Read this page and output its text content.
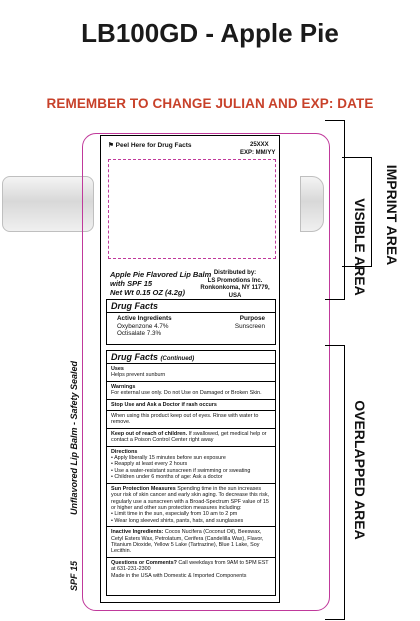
LB100GD - Apple Pie
REMEMBER TO CHANGE JULIAN AND EXP: DATE
⚑ Peel Here for Drug Facts	25XXX
EXP: MM/YY
Apple Pie Flavored Lip Balm
with SPF 15
Net Wt 0.15 OZ (4.2g)
Distributed by:
LS Promotions Inc.
Ronkonkoma, NY 11779, USA
Drug Facts
Active Ingredients	Purpose
Oxybenzone 4.7%	Sunscreen
Octisalate 7.3%
Drug Facts (Continued)
Uses
Helps prevent sunburn
Warnings
For external use only. Do not Use on Damaged or Broken Skin.
Stop Use and Ask a Doctor if rash occurs
When using this product keep out of eyes. Rinse with water to remove.
Keep out of reach of children. If swallowed, get medical help or contact a Poison Control Center right away
Directions
• Apply liberally 15 minutes before sun exposure
• Reapply at least every 2 hours
• Use a water-resistant sunscreen if swimming or sweating
• Children under 6 months of age: Ask a doctor
Sun Protection Measures Spending time in the sun increases your risk of skin cancer and early skin aging. To decrease this risk, regularly use a sunscreen with a Broad-Spectrum SPF value of 15 or higher and other sun protection measures including:
• Limit time in the sun, especially from 10 am to 2 pm
• Wear long sleeved shirts, pants, hats, and sunglasses
Inactive Ingredients: Cocos Nucifera (Coconut Oil), Beeswax, Cetyl Esters Wax, Petrolatum, Cerifera (Candelilla Wax), Flavor, Titanium Dioxide, Yellow 5 Lake (Tartrazine), Blue 1 Lake, Soy Lecithin.
Questions or Comments? Call weekdays from 9AM to 5PM EST at 631-231-2300
Made in the USA with Domestic & Imported Components
Unflavored Lip Balm - Safety Sealed
SPF 15
IMPRINT AREA
VISIBLE AREA
OVERLAPPED AREA
